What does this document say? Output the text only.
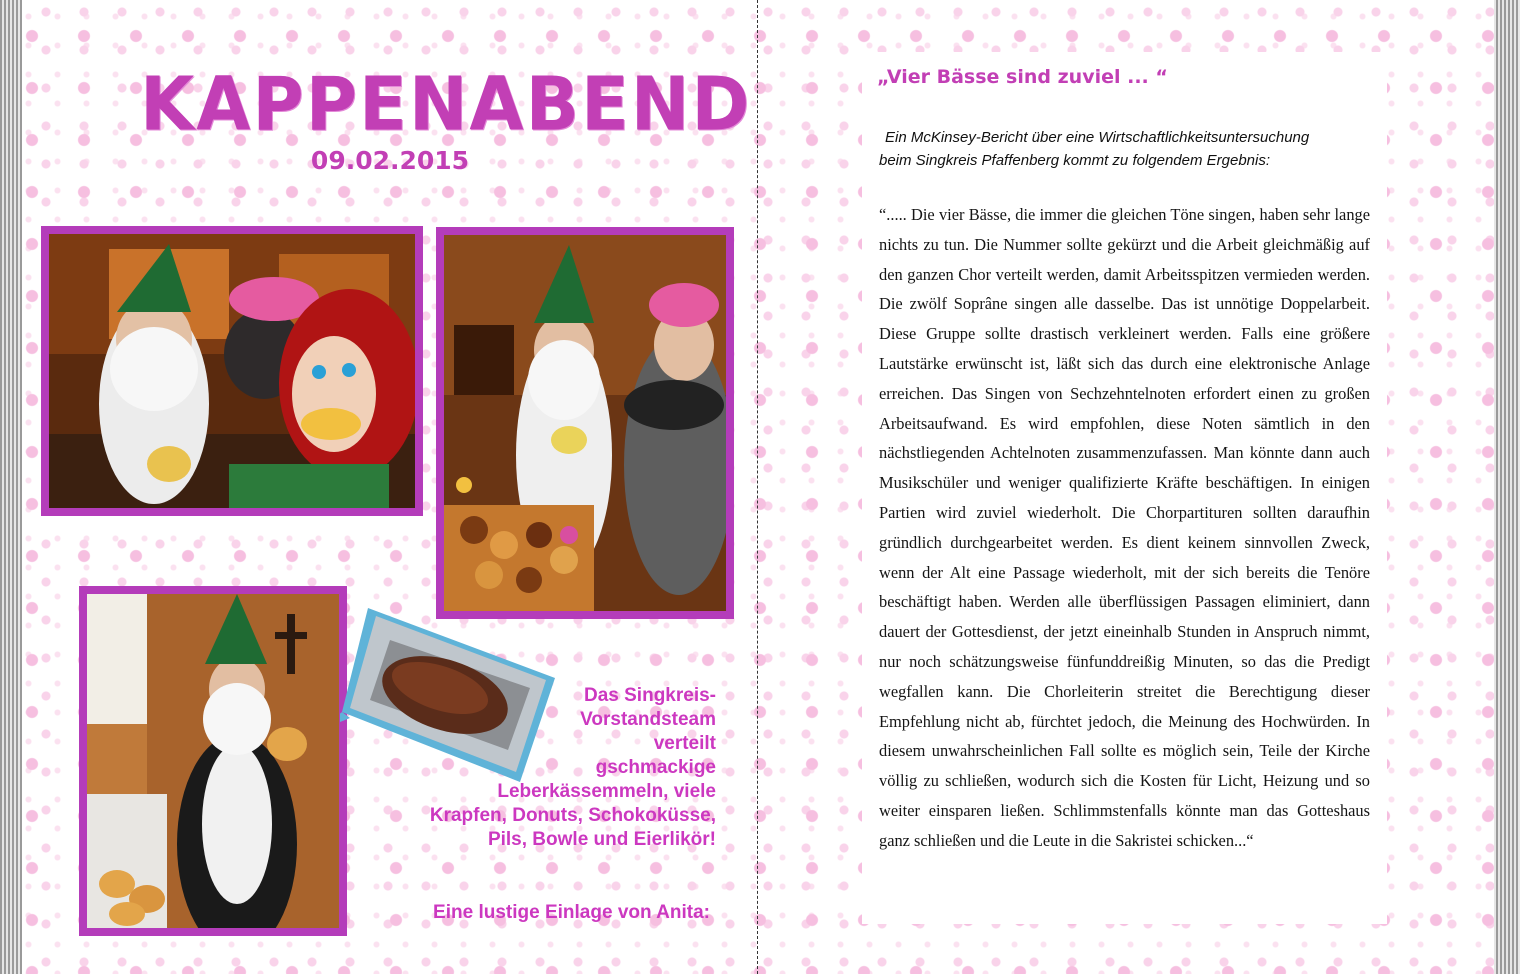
KAPPENABEND
09.02.2015
Das Singkreis-
Vorstandsteam
verteilt
gschmackige
Leberkässemmeln, viele
Krapfen, Donuts, Schokoküsse,
Pils, Bowle und Eierlikör!
Eine lustige Einlage von Anita:
„Vier Bässe sind zuviel ... “
Ein McKinsey-Bericht über eine Wirtschaftlichkeitsuntersuchung
beim Singkreis Pfaffenberg kommt zu folgendem Ergebnis:
“..... Die vier Bässe, die immer die gleichen Töne singen, haben sehr lange nichts zu tun. Die Nummer sollte gekürzt und die Arbeit gleichmäßig auf den ganzen Chor verteilt werden, damit Arbeitsspitzen vermieden werden. Die zwölf Soprâne singen alle dasselbe. Das ist unnötige Doppelarbeit. Diese Gruppe sollte drastisch verkleinert werden. Falls eine größere Lautstärke erwünscht ist, läßt sich das durch eine elektronische Anlage erreichen. Das Singen von Sechzehntelnoten erfordert einen zu großen Arbeitsaufwand. Es wird empfohlen, diese Noten sämtlich in den nächstliegenden Achtelnoten zusammenzufassen. Man könnte dann auch Musikschüler und weniger qualifizierte Kräfte beschäftigen. In einigen Partien wird zuviel wiederholt. Die Chorpartituren sollten daraufhin gründlich durchgearbeitet werden. Es dient keinem sinnvollen Zweck, wenn der Alt eine Passage wiederholt, mit der sich bereits die Tenöre beschäftigt haben. Werden alle überflüssigen Passagen eliminiert, dann dauert der Gottesdienst, der jetzt eineinhalb Stunden in Anspruch nimmt, nur noch schätzungsweise fünfunddreißig Minuten, so das die Predigt wegfallen kann. Die Chorleiterin streitet die Berechtigung dieser Empfehlung nicht ab, fürchtet jedoch, die Meinung des Hochwürden. In diesem unwahrscheinlichen Fall sollte es möglich sein, Teile der Kirche völlig zu schließen, wodurch sich die Kosten für Licht, Heizung und so weiter einsparen ließen. Schlimmstenfalls könnte man das Gotteshaus ganz schließen und die Leute in die Sakristei schicken...“
